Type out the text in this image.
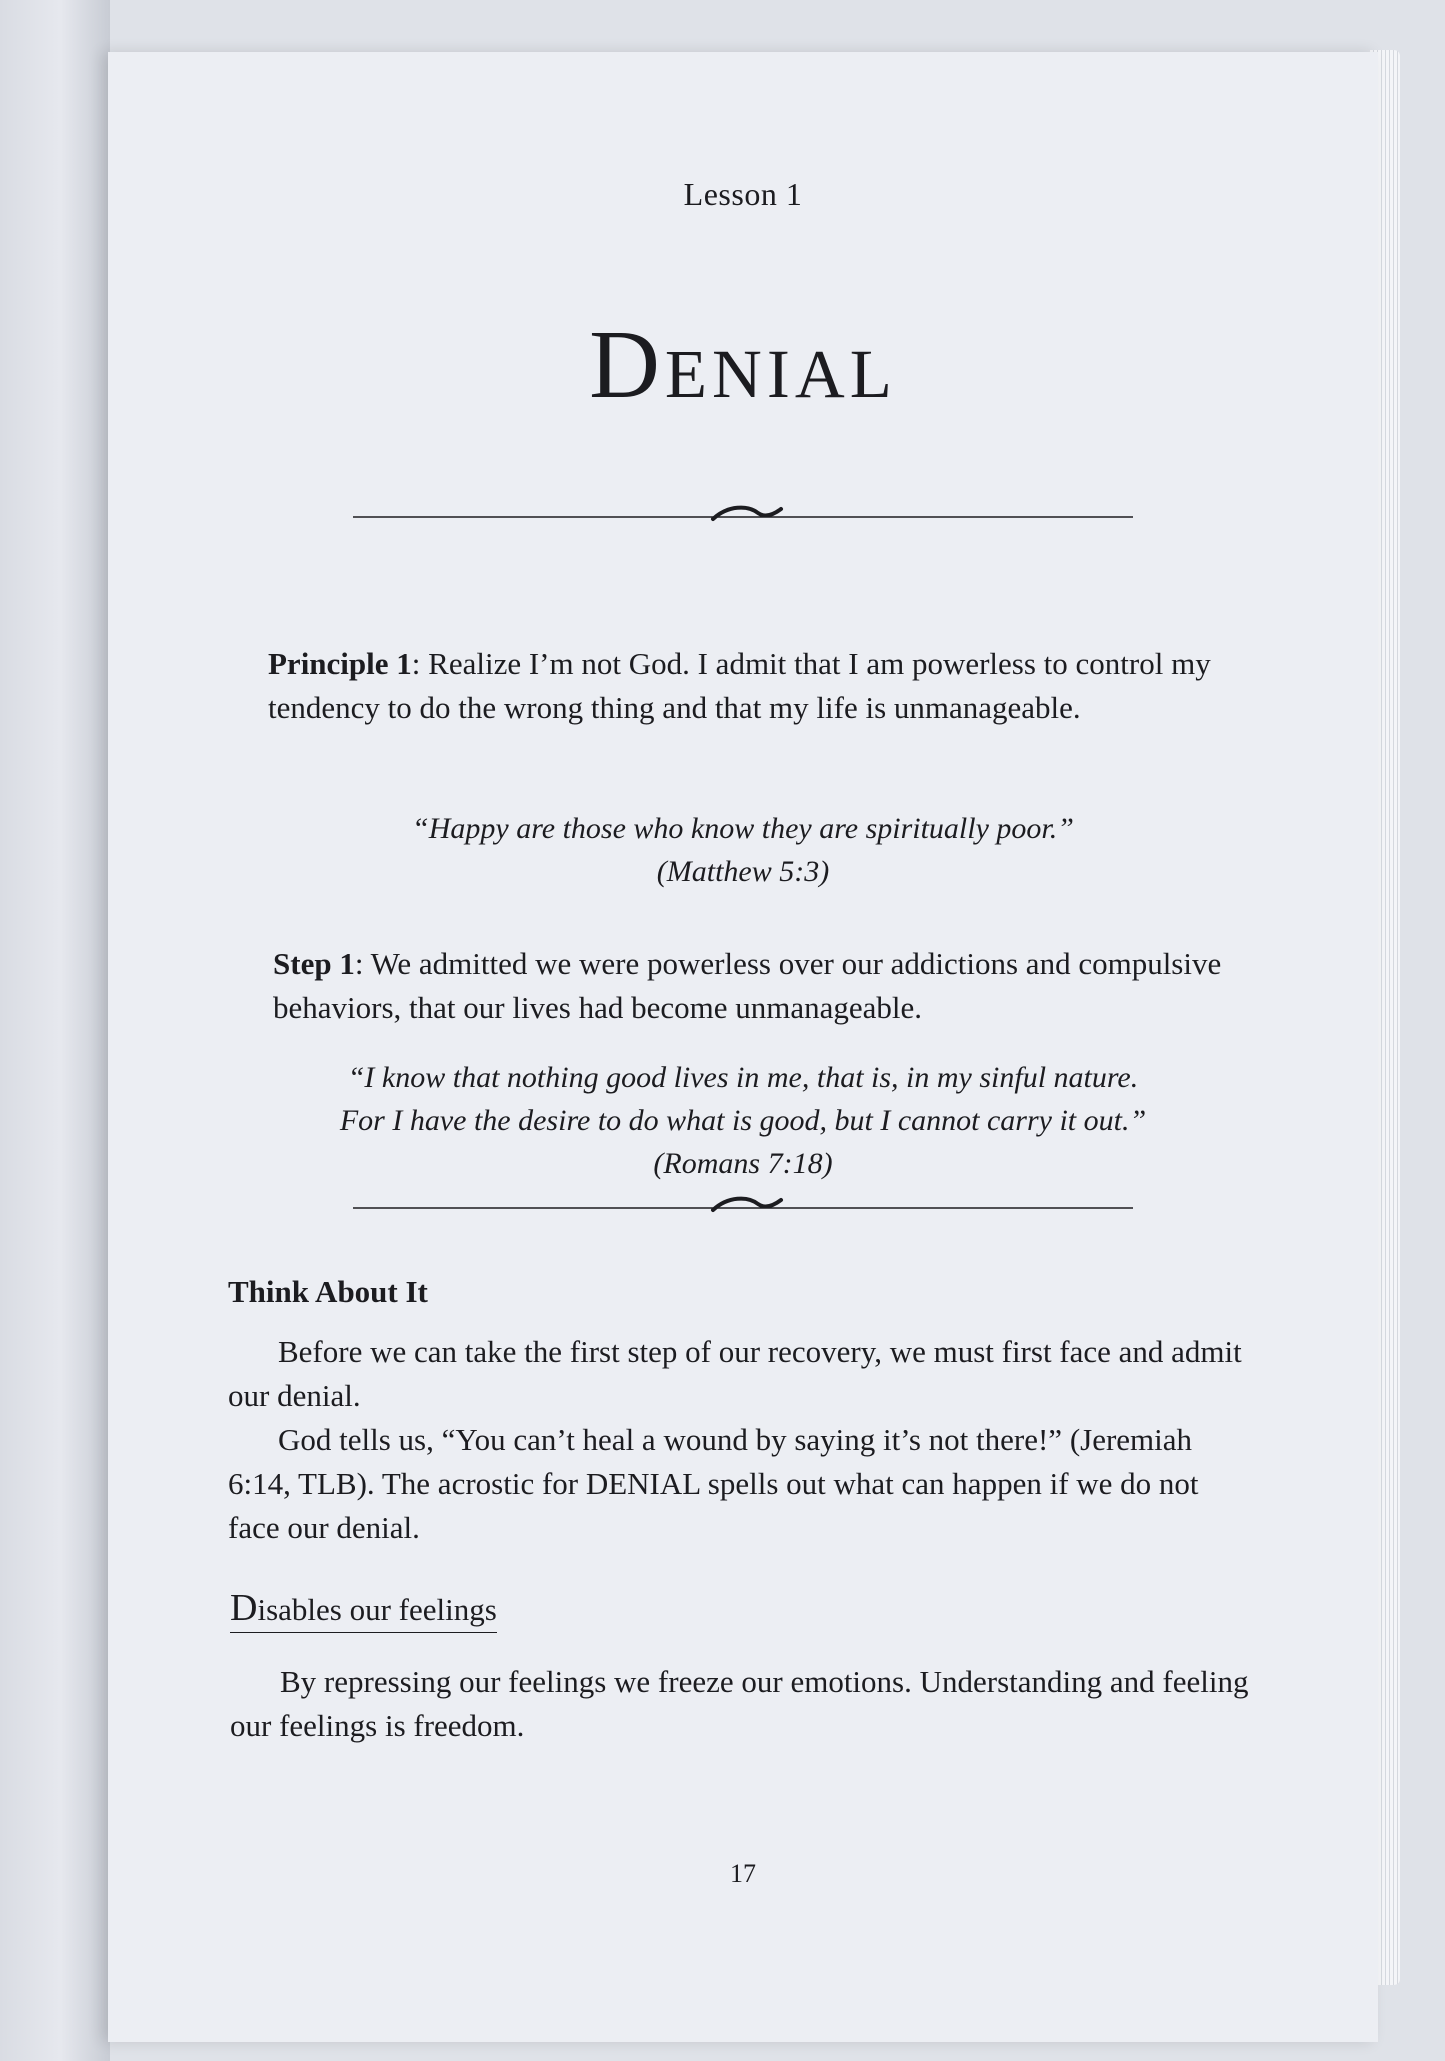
Lesson 1
Denial
Principle 1: Realize I’m not God. I admit that I am powerless to control my tendency to do the wrong thing and that my life is unmanageable.
“Happy are those who know they are spiritually poor.”
(Matthew 5:3)
Step 1: We admitted we were powerless over our addictions and compulsive behaviors, that our lives had become unmanageable.
“I know that nothing good lives in me, that is, in my sinful nature.
For I have the desire to do what is good, but I cannot carry it out.”
(Romans 7:18)
Think About It
Before we can take the first step of our recovery, we must first face and admit our denial.
God tells us, “You can’t heal a wound by saying it’s not there!” (Jeremiah 6:14, TLB). The acrostic for DENIAL spells out what can happen if we do not face our denial.
Disables our feelings
By repressing our feelings we freeze our emotions. Understanding and feeling our feelings is freedom.
17
